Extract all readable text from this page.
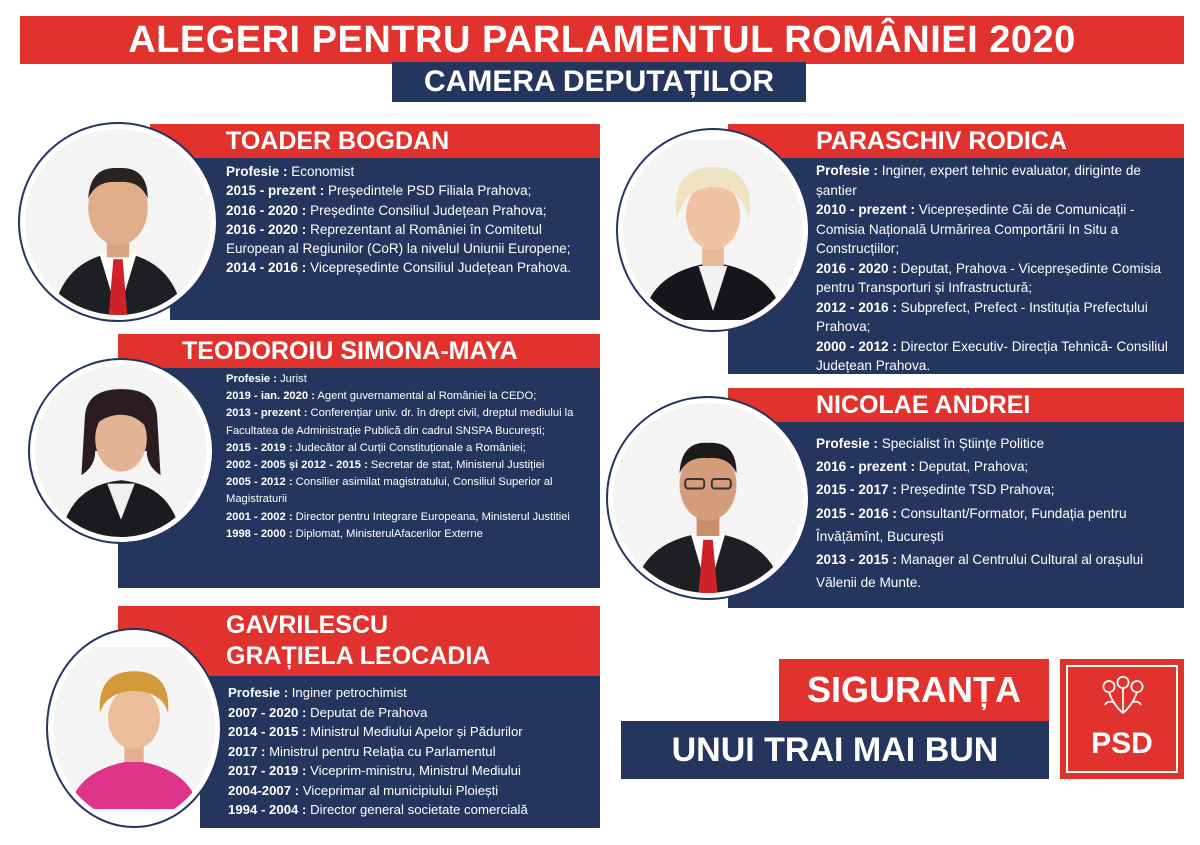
ALEGERI PENTRU PARLAMENTUL ROMÂNIEI 2020
CAMERA DEPUTAȚILOR
TOADER BOGDAN

Profesie : Economist

2015 - prezent : Președintele PSD Filiala Prahova;

2016 - 2020 : Președinte Consiliul Județean Prahova;

2016 - 2020 : Reprezentant al României în Comitetul European al Regiunilor (CoR) la nivelul Uniunii Europene;

2014 - 2016 : Vicepreședinte Consiliul Județean Prahova.

TEODOROIU SIMONA-MAYA

Profesie : Jurist

2019 - ian. 2020 : Agent guvernamental al României la CEDO;

2013 - prezent : Conferențiar univ. dr. în drept civil, dreptul mediului la Facultatea de Administrație Publică din cadrul SNSPA București;

2015 - 2019 : Judecător al Curții Constituționale a României;

2002 - 2005 și 2012 - 2015 : Secretar de stat, Ministerul Justiției

2005 - 2012 : Consilier asimilat magistratului, Consiliul Superior al Magistraturii

2001 - 2002 : Director pentru Integrare Europeana, Ministerul Justitiei

1998 - 2000 : Diplomat, MinisterulAfacerilor Externe

GAVRILESCU
GRAȚIELA LEOCADIA

Profesie : Inginer petrochimist

2007 - 2020 : Deputat de Prahova

2014 - 2015 : Ministrul Mediului Apelor și Pădurilor

2017 : Ministrul pentru Relația cu Parlamentul

2017 - 2019 : Viceprim-ministru, Ministrul Mediului

2004-2007 : Viceprimar al municipiului Ploiești

1994 - 2004 : Director general societate comercială

PARASCHIV RODICA

Profesie : Inginer, expert tehnic evaluator, diriginte de șantier

2010 - prezent : Vicepreședinte Căi de Comunicații - Comisia Națională Urmărirea Comportării In Situ a Construcțiilor;

2016 - 2020 : Deputat, Prahova - Vicepreședinte Comisia pentru Transporturi și Infrastructură;

2012 - 2016 : Subprefect, Prefect - Instituția Prefectului Prahova;

2000 - 2012 : Director Executiv- Direcția Tehnică- Consiliul Județean Prahova.

NICOLAE ANDREI

Profesie : Specialist în Științe Politice

2016 - prezent : Deputat, Prahova;

2015 - 2017 : Președinte TSD Prahova;

2015 - 2016 : Consultant/Formator, Fundația pentru Învățămînt, București

2013 - 2015 : Manager al Centrului Cultural al orașului Vălenii de Munte.

SIGURANȚA
UNUI TRAI MAI BUN	PSD
